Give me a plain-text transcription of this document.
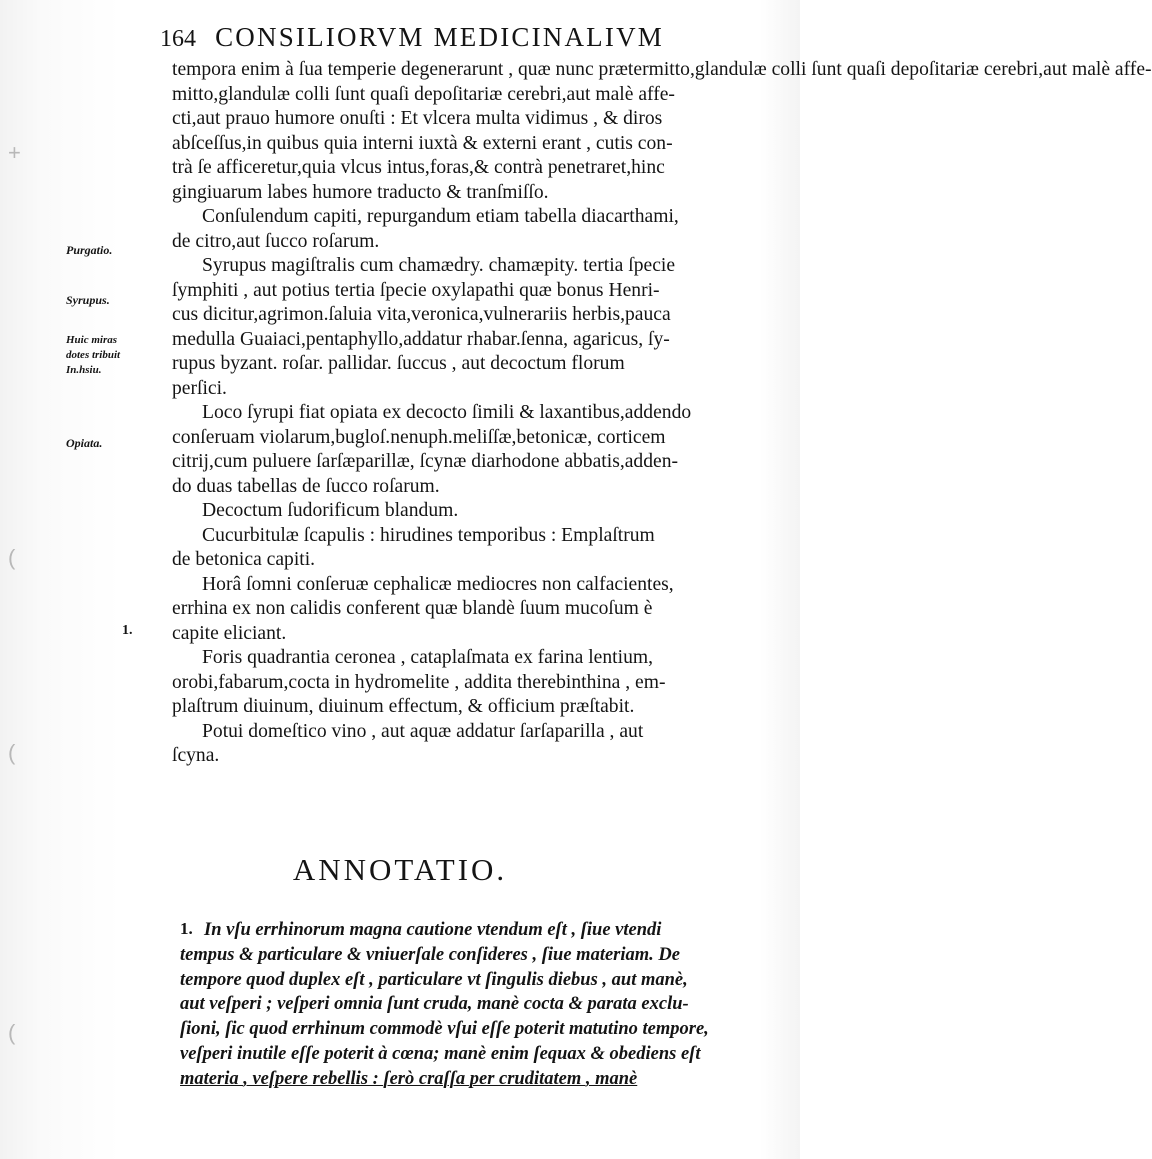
+
(
(
(
164 CONSILIORVM MEDICINALIVM
Purgatio.
Syrupus.
Huic miras
dotes tribuit
In.hsiu.
Opiata.
1.
tempora enim à ſua temperie degenerarunt , quæ nunc prætermitto,glandulæ colli ſunt quaſi depoſitariæ cerebri,aut malè affe-
mitto,glandulæ colli ſunt quaſi depoſitariæ cerebri,aut malè affe-
cti,aut prauo humore onuſti : Et vlcera multa vidimus , & diros
abſceſſus,in quibus quia interni iuxtà & externi erant , cutis con-
trà ſe afficeretur,quia vlcus intus,foras,& contrà penetraret,hinc
gingiuarum labes humore traducto & tranſmiſſo.
Conſulendum capiti, repurgandum etiam tabella diacarthami,
de citro,aut ſucco roſarum.
Syrupus magiſtralis cum chamædry. chamæpity. tertia ſpecie
ſymphiti , aut potius tertia ſpecie oxylapathi quæ bonus Henri-
cus dicitur,agrimon.ſaluia vita,veronica,vulnerariis herbis,pauca
medulla Guaiaci,pentaphyllo,addatur rhabar.ſenna, agaricus, ſy-
rupus byzant. roſar. pallidar. ſuccus , aut decoctum florum
perſici.
Loco ſyrupi fiat opiata ex decocto ſimili & laxantibus,addendo
conſeruam violarum,bugloſ.nenuph.meliſſæ,betonicæ, corticem
citrij,cum puluere ſarſæparillæ, ſcynæ diarhodone abbatis,adden-
do duas tabellas de ſucco roſarum.
Decoctum ſudorificum blandum.
Cucurbitulæ ſcapulis : hirudines temporibus : Emplaſtrum
de betonica capiti.
Horâ ſomni conſeruæ cephalicæ mediocres non calfacientes,
errhina ex non calidis conferent quæ blandè ſuum mucoſum è
capite eliciant.
Foris quadrantia ceronea , cataplaſmata ex farina lentium,
orobi,fabarum,cocta in hydromelite , addita therebinthina , em-
plaſtrum diuinum, diuinum effectum, & officium præſtabit.
Potui domeſtico vino , aut aquæ addatur ſarſaparilla , aut
ſcyna.
ANNOTATIO.
In vſu errhinorum magna cautione vtendum eſt , ſiue vtendi
tempus & particulare & vniuerſale conſideres , ſiue materiam. De
tempore quod duplex eſt , particulare vt ſingulis diebus , aut manè,
aut veſperi ; veſperi omnia ſunt cruda, manè cocta & parata exclu-
ſioni, ſic quod errhinum commodè vſui eſſe poterit matutino tempore,
veſperi inutile eſſe poterit à cœna; manè enim ſequax & obediens eſt
materia , veſpere rebellis : ſerò craſſa per cruditatem , manè
1.
